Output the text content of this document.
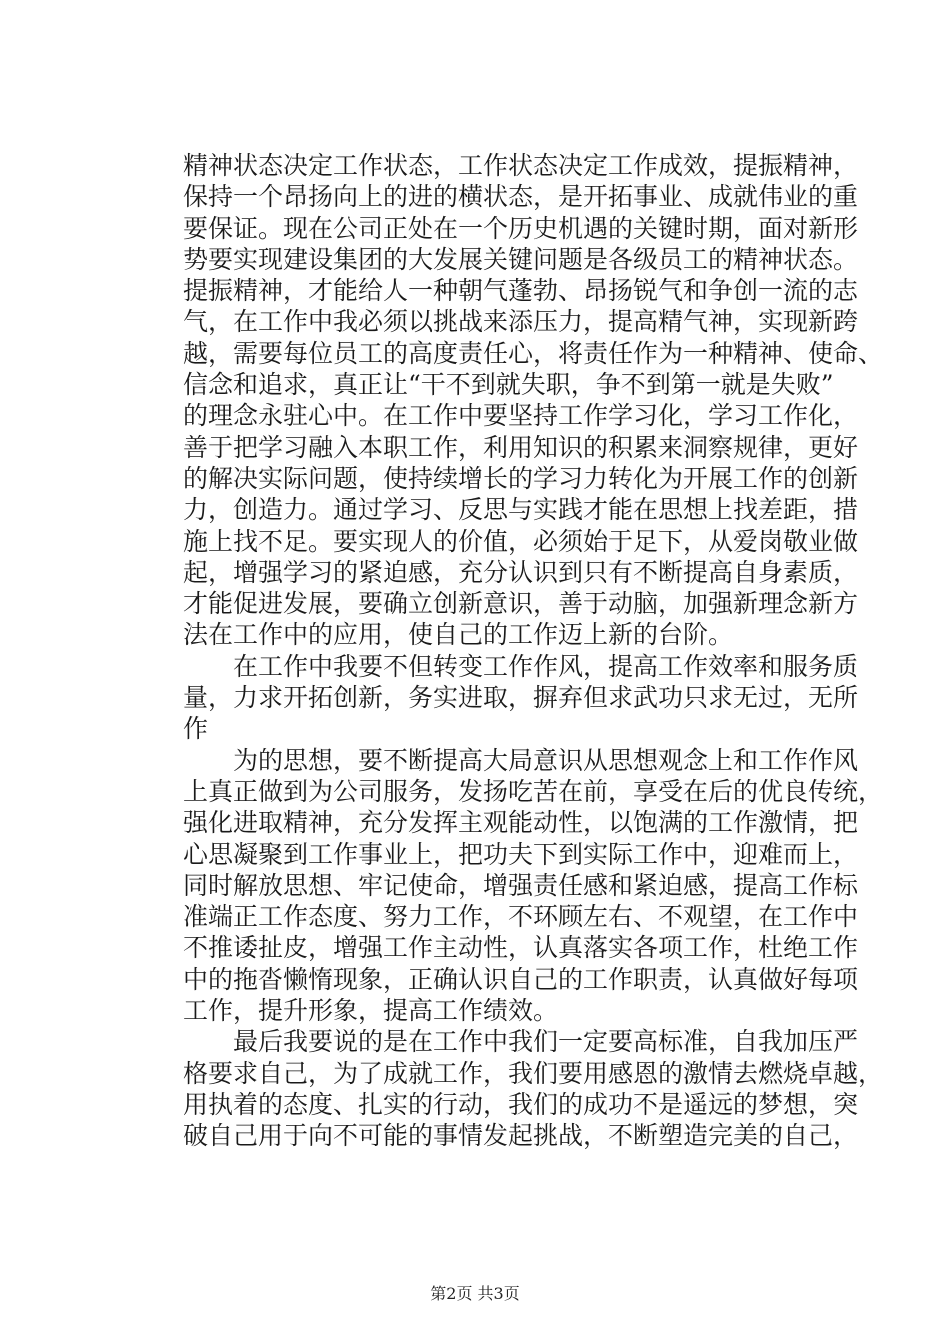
精神状态决定工作状态，工作状态决定工作成效，提振精神，
保持一个昂扬向上的进的横状态，是开拓事业、成就伟业的重
要保证。现在公司正处在一个历史机遇的关键时期，面对新形
势要实现建设集团的大发展关键问题是各级员工的精神状态。
提振精神，才能给人一种朝气蓬勃、昂扬锐气和争创一流的志
气，在工作中我必须以挑战来添压力，提高精气神，实现新跨
越，需要每位员工的高度责任心，将责任作为一种精神、使命、
信念和追求，真正让“干不到就失职，争不到第一就是失败”
的理念永驻心中。在工作中要坚持工作学习化，学习工作化，
善于把学习融入本职工作，利用知识的积累来洞察规律，更好
的解决实际问题，使持续增长的学习力转化为开展工作的创新
力，创造力。通过学习、反思与实践才能在思想上找差距，措
施上找不足。要实现人的价值，必须始于足下，从爱岗敬业做
起，增强学习的紧迫感，充分认识到只有不断提高自身素质，
才能促进发展，要确立创新意识，善于动脑，加强新理念新方
法在工作中的应用，使自己的工作迈上新的台阶。
　　在工作中我要不但转变工作作风，提高工作效率和服务质
量，力求开拓创新，务实进取，摒弃但求武功只求无过，无所
作
　　为的思想，要不断提高大局意识从思想观念上和工作作风
上真正做到为公司服务，发扬吃苦在前，享受在后的优良传统，
强化进取精神，充分发挥主观能动性，以饱满的工作激情，把
心思凝聚到工作事业上，把功夫下到实际工作中，迎难而上，
同时解放思想、牢记使命，增强责任感和紧迫感，提高工作标
准端正工作态度、努力工作，不环顾左右、不观望，在工作中
不推诿扯皮，增强工作主动性，认真落实各项工作，杜绝工作
中的拖沓懒惰现象，正确认识自己的工作职责，认真做好每项
工作，提升形象，提高工作绩效。
　　最后我要说的是在工作中我们一定要高标准，自我加压严
格要求自己，为了成就工作，我们要用感恩的激情去燃烧卓越，
用执着的态度、扎实的行动，我们的成功不是遥远的梦想，突
破自己用于向不可能的事情发起挑战，不断塑造完美的自己，
第2页 共3页
